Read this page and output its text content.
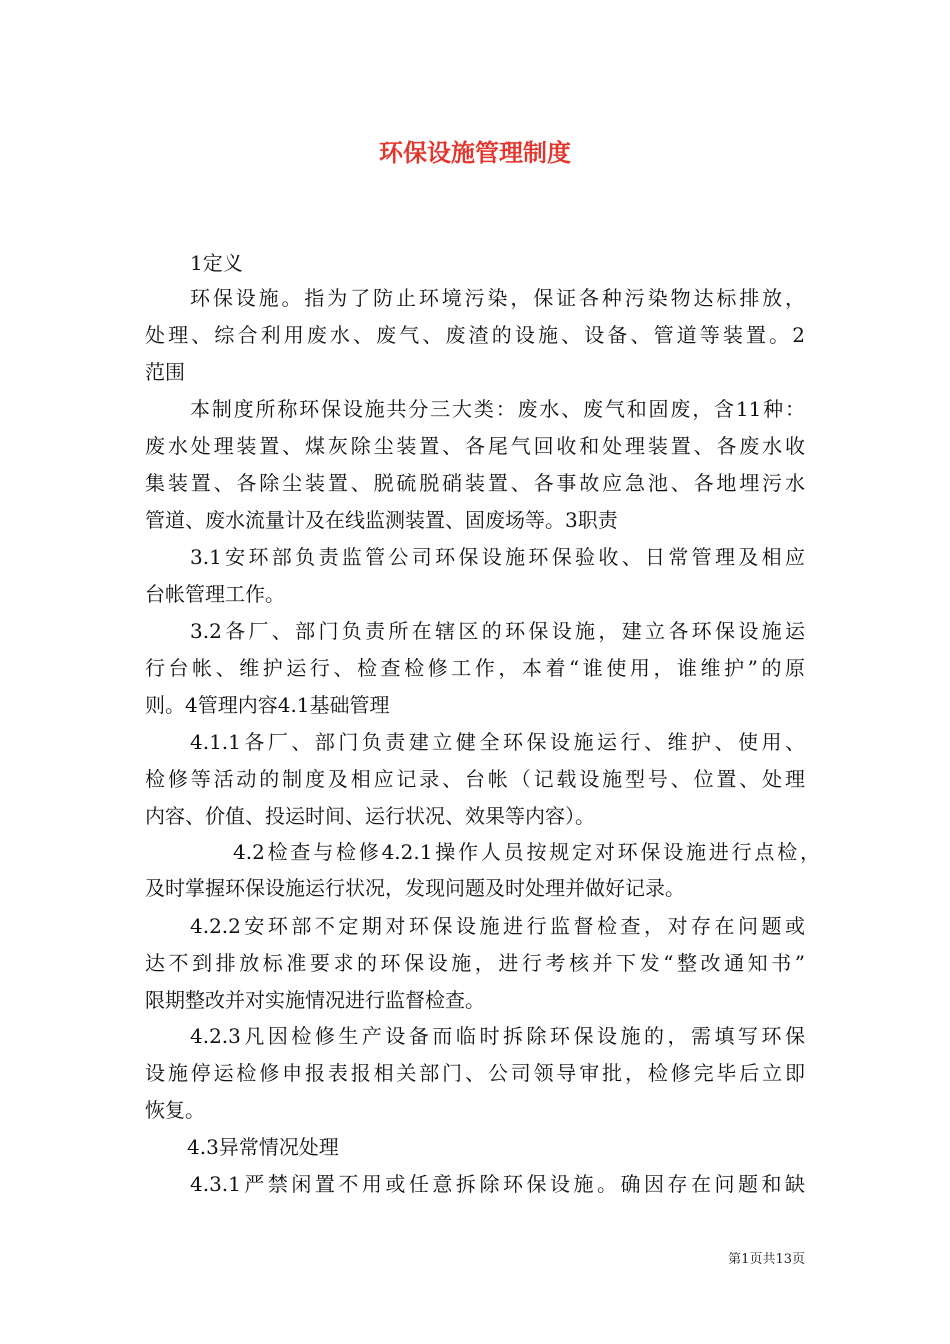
环保设施管理制度
1定义
环保设施。指为了防止环境污染，保证各种污染物达标排放，
处理、综合利用废水、废气、废渣的设施、设备、管道等装置。2
范围
本制度所称环保设施共分三大类：废水、废气和固废，含11种：
废水处理装置、煤灰除尘装置、各尾气回收和处理装置、各废水收
集装置、各除尘装置、脱硫脱硝装置、各事故应急池、各地埋污水
管道、废水流量计及在线监测装置、固废场等。3职责
3.1安环部负责监管公司环保设施环保验收、日常管理及相应
台帐管理工作。
3.2各厂、部门负责所在辖区的环保设施，建立各环保设施运
行台帐、维护运行、检查检修工作，本着“谁使用，谁维护”的原
则。4管理内容4.1基础管理
4.1.1各厂、部门负责建立健全环保设施运行、维护、使用、
检修等活动的制度及相应记录、台帐（记载设施型号、位置、处理
内容、价值、投运时间、运行状况、效果等内容）。
4.2检查与检修4.2.1操作人员按规定对环保设施进行点检，
及时掌握环保设施运行状况，发现问题及时处理并做好记录。
4.2.2安环部不定期对环保设施进行监督检查，对存在问题或
达不到排放标准要求的环保设施，进行考核并下发“整改通知书”
限期整改并对实施情况进行监督检查。
4.2.3凡因检修生产设备而临时拆除环保设施的，需填写环保
设施停运检修申报表报相关部门、公司领导审批，检修完毕后立即
恢复。
4.3异常情况处理
4.3.1严禁闲置不用或任意拆除环保设施。确因存在问题和缺
第1页共13页
